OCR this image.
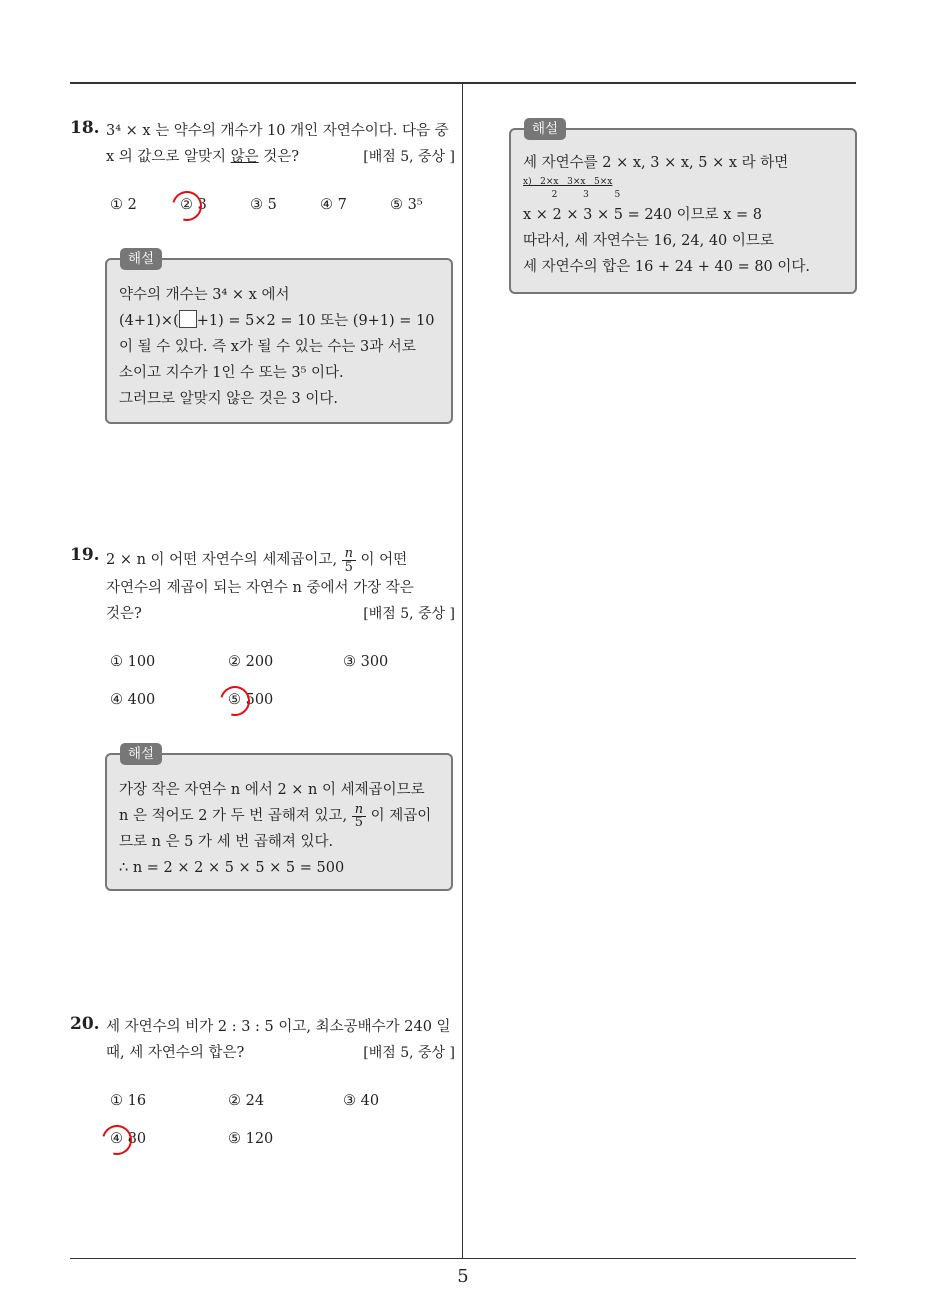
5
18. 3⁴ × x 는 약수의 개수가 10 개인 자연수이다. 다음 중
x 의 값으로 알맞지 않은 것은?	[배점 5, 중상 ]
① 2	② 3	③ 5	④ 7	⑤ 3⁵
해설
약수의 개수는 3⁴ × x 에서
(4+1)×( +1) = 5×2 = 10 또는 (9+1) = 10
이 될 수 있다. 즉 x가 될 수 있는 수는 3과 서로
소이고 지수가 1인 수 또는 3⁵ 이다.
그러므로 알맞지 않은 것은 3 이다.
19. 2 × n 이 어떤 자연수의 세제곱이고, $\frac{n}{5}$ 이 어떤
자연수의 제곱이 되는 자연수 n 중에서 가장 작은
것은?	[배점 5, 중상 ]
① 100	② 200	③ 300
④ 400	⑤ 500
해설
가장 작은 자연수 n 에서 2 × n 이 세제곱이므로
n 은 적어도 2 가 두 번 곱해져 있고, $\frac{n}{5}$ 이 제곱이
므로 n 은 5 가 세 번 곱해져 있다.
∴ n = 2 × 2 × 5 × 5 × 5 = 500
20. 세 자연수의 비가 2 : 3 : 5 이고, 최소공배수가 240 일
때, 세 자연수의 합은?	[배점 5, 중상 ]
① 16	② 24	③ 40
④ 80	⑤ 120
해설
세 자연수를 2 × x, 3 × x, 5 × x 라 하면
x)   2×x   3×x   5×x
2         3         5
x × 2 × 3 × 5 = 240 이므로 x = 8
따라서, 세 자연수는 16, 24, 40 이므로
세 자연수의 합은 16 + 24 + 40 = 80 이다.
